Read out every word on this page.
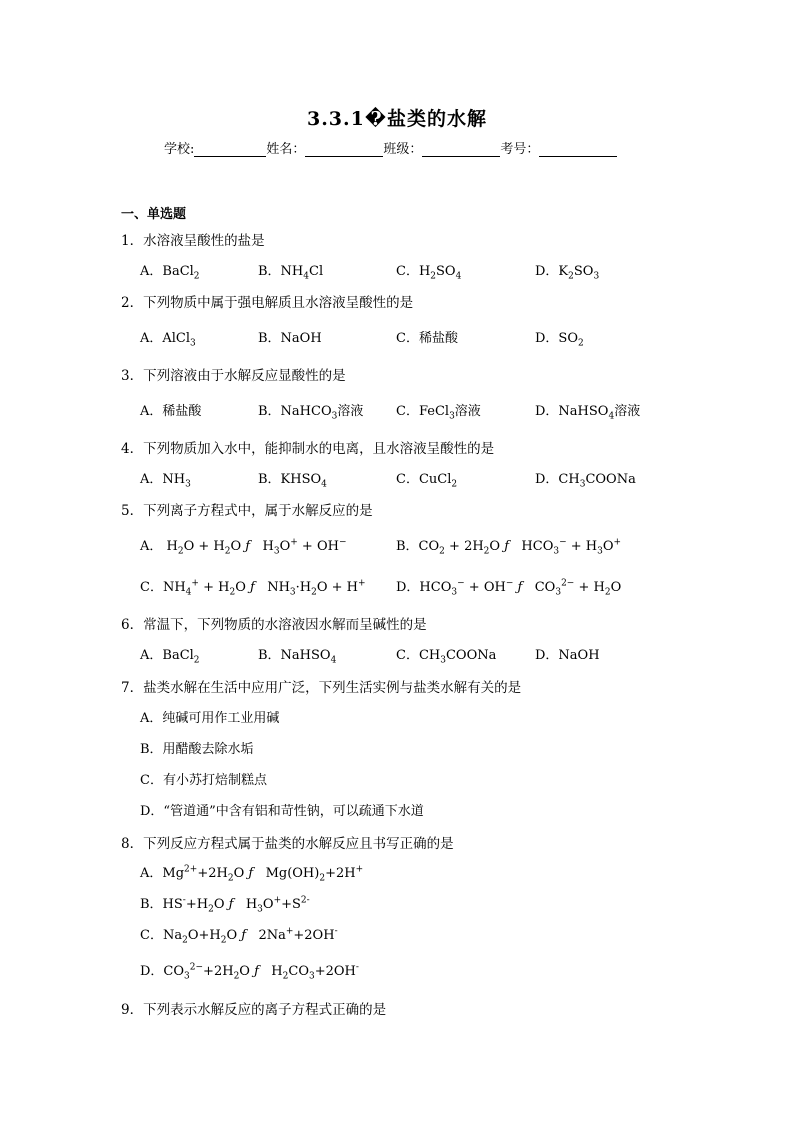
3.3.1�盐类的水解
学校:	姓名：	班级：	考号：
一、单选题
1．水溶液呈酸性的盐是
A．BaCl$_2$	B．$NH_4Cl$	C．$H_2SO_4$	D．$K_2SO_3$
2．下列物质中属于强电解质且水溶液呈酸性的是
A．AlCl$_3$	B．NaOH	C．稀盐酸	D．$SO_2$
3．下列溶液由于水解反应显酸性的是
A．稀盐酸	B．NaHCO$_3$溶液	C．FeCl$_3$溶液	D．NaHSO$_4$溶液
4．下列物质加入水中，能抑制水的电离，且水溶液呈酸性的是
A．$NH_3$	B．$KHSO_4$	C．CuCl$_2$	D．$CH_3COONa$
5．下列离子方程式中，属于水解反应的是
A． $H_2O + H_2O$ ƒ   $H_3O^+ + OH^-$	B．$CO_2 + 2H_2O$ ƒ   $HCO_3^- + H_3O^+$
C．$NH_4^+ + H_2O$ ƒ   $NH_3\cdot H_2O + H^+$ D．$HCO_3^- + OH^-$ ƒ   $CO_3^{2-} + H_2O$
6．常温下，下列物质的水溶液因水解而呈碱性的是
A．BaCl$_2$	B．NaHSO$_4$	C．$CH_3COONa$	D．NaOH
7．盐类水解在生活中应用广泛，下列生活实例与盐类水解有关的是
A．纯碱可用作工业用碱
B．用醋酸去除水垢
C．有小苏打焙制糕点
D．“管道通”中含有铝和苛性钠，可以疏通下水道
8．下列反应方程式属于盐类的水解反应且书写正确的是
A．$Mg^{2+}+2H_2O$ ƒ   $Mg(OH)_2+2H^+$
B．$HS^-+H_2O$ ƒ   $H_3O^++S^{2-}$
C．$Na_2O+H_2O$ ƒ   2Na++2OH-
D．$CO_3^{2-}+2H_2O$ ƒ   $H_2CO_3+2OH^-$
9．下列表示水解反应的离子方程式正确的是
